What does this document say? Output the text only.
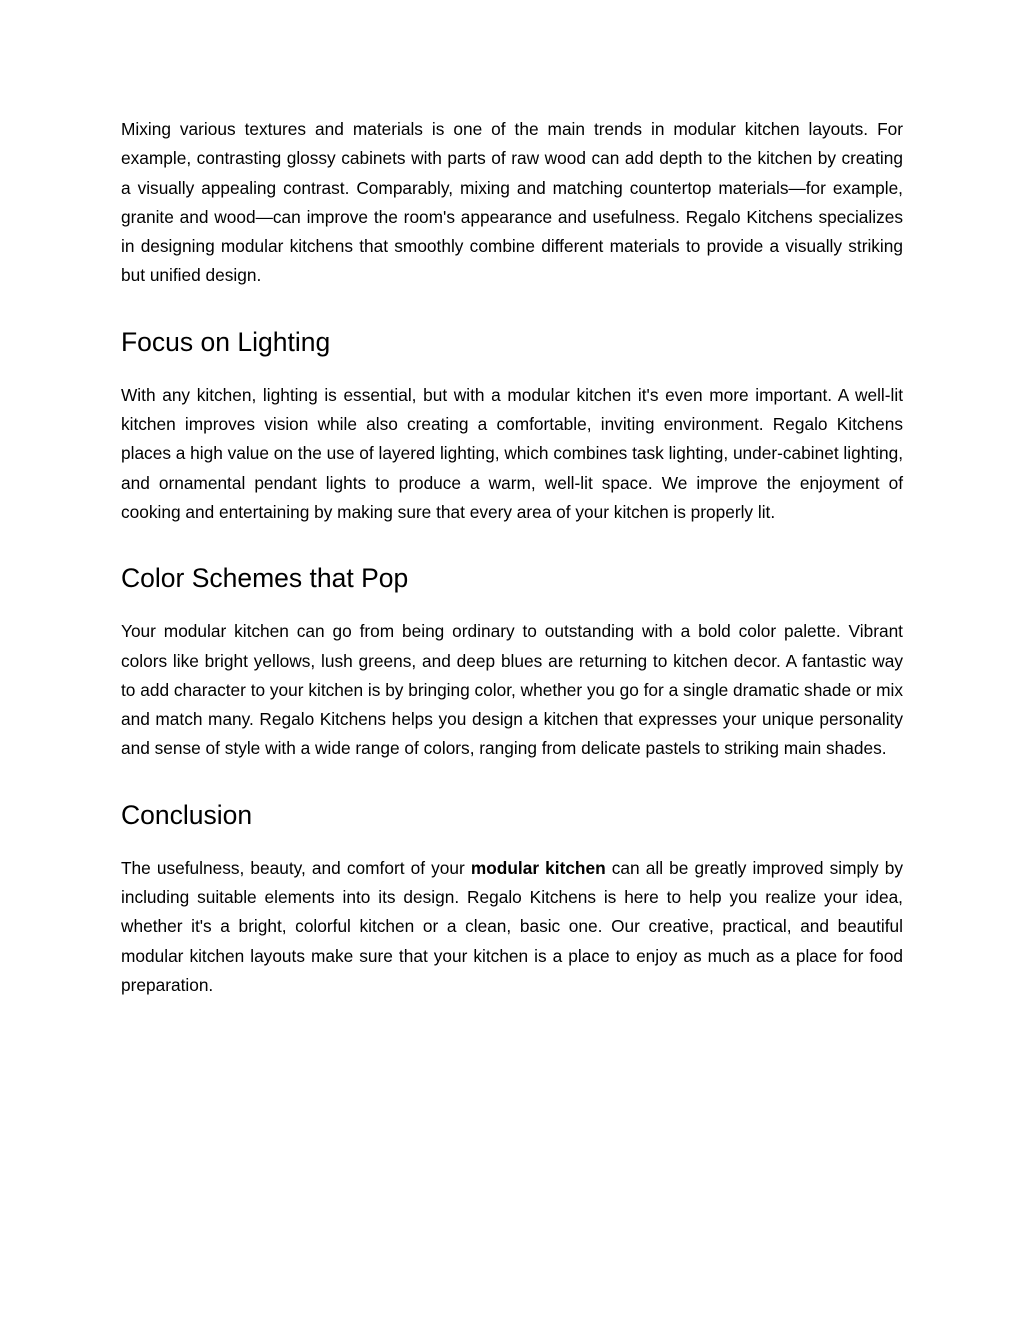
Mixing various textures and materials is one of the main trends in modular kitchen layouts. For example, contrasting glossy cabinets with parts of raw wood can add depth to the kitchen by creating a visually appealing contrast. Comparably, mixing and matching countertop materials—for example, granite and wood—can improve the room's appearance and usefulness. Regalo Kitchens specializes in designing modular kitchens that smoothly combine different materials to provide a visually striking but unified design.

Focus on Lighting

With any kitchen, lighting is essential, but with a modular kitchen it's even more important. A well-lit kitchen improves vision while also creating a comfortable, inviting environment. Regalo Kitchens places a high value on the use of layered lighting, which combines task lighting, under-cabinet lighting, and ornamental pendant lights to produce a warm, well-lit space. We improve the enjoyment of cooking and entertaining by making sure that every area of your kitchen is properly lit.

Color Schemes that Pop

Your modular kitchen can go from being ordinary to outstanding with a bold color palette. Vibrant colors like bright yellows, lush greens, and deep blues are returning to kitchen decor. A fantastic way to add character to your kitchen is by bringing color, whether you go for a single dramatic shade or mix and match many. Regalo Kitchens helps you design a kitchen that expresses your unique personality and sense of style with a wide range of colors, ranging from delicate pastels to striking main shades.

Conclusion

The usefulness, beauty, and comfort of your modular kitchen can all be greatly improved simply by including suitable elements into its design. Regalo Kitchens is here to help you realize your idea, whether it's a bright, colorful kitchen or a clean, basic one. Our creative, practical, and beautiful modular kitchen layouts make sure that your kitchen is a place to enjoy as much as a place for food preparation.
